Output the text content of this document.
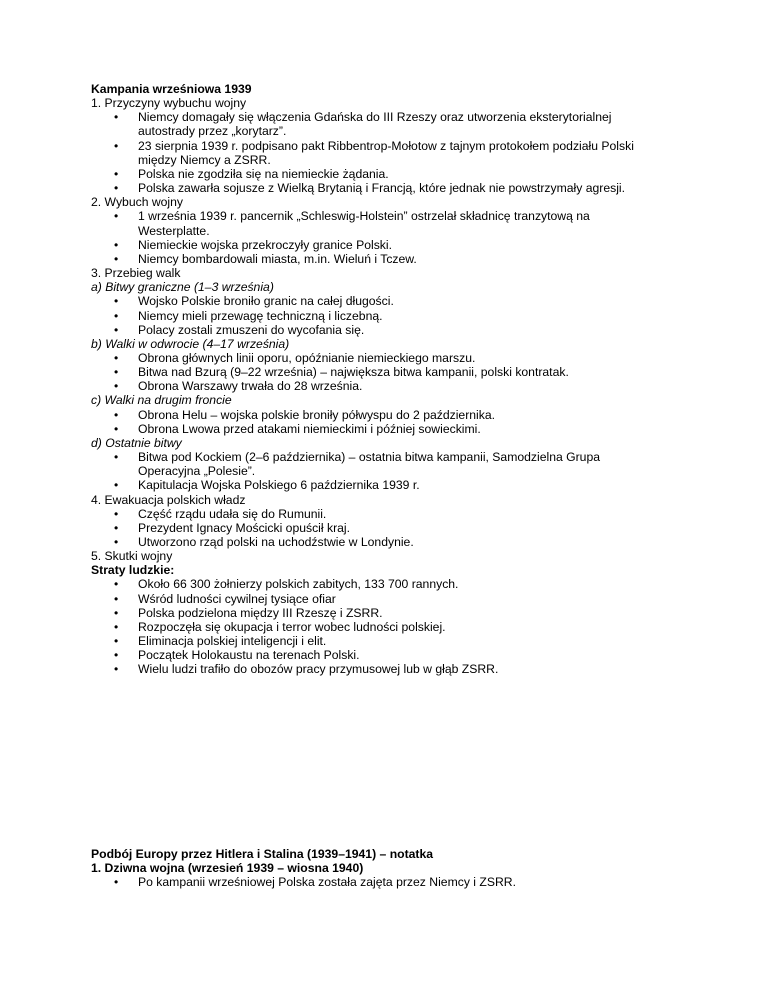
Kampania wrześniowa 1939
1. Przyczyny wybuchu wojny
• Niemcy domagały się włączenia Gdańska do III Rzeszy oraz utworzenia eksterytorialnej
autostrady przez „korytarz”.
• 23 sierpnia 1939 r. podpisano pakt Ribbentrop-Mołotow z tajnym protokołem podziału Polski
między Niemcy a ZSRR.
• Polska nie zgodziła się na niemieckie żądania.
• Polska zawarła sojusze z Wielką Brytanią i Francją, które jednak nie powstrzymały agresji.
2. Wybuch wojny
• 1 września 1939 r. pancernik „Schleswig-Holstein” ostrzelał składnicę tranzytową na
Westerplatte.
• Niemieckie wojska przekroczyły granice Polski.
• Niemcy bombardowali miasta, m.in. Wieluń i Tczew.
3. Przebieg walk
a) Bitwy graniczne (1–3 września)
• Wojsko Polskie broniło granic na całej długości.
• Niemcy mieli przewagę techniczną i liczebną.
• Polacy zostali zmuszeni do wycofania się.
b) Walki w odwrocie (4–17 września)
• Obrona głównych linii oporu, opóźnianie niemieckiego marszu.
• Bitwa nad Bzurą (9–22 września) – największa bitwa kampanii, polski kontratak.
• Obrona Warszawy trwała do 28 września.
c) Walki na drugim froncie
• Obrona Helu – wojska polskie broniły półwyspu do 2 października.
• Obrona Lwowa przed atakami niemieckimi i później sowieckimi.
d) Ostatnie bitwy
• Bitwa pod Kockiem (2–6 października) – ostatnia bitwa kampanii, Samodzielna Grupa
Operacyjna „Polesie”.
• Kapitulacja Wojska Polskiego 6 października 1939 r.
4. Ewakuacja polskich władz
• Część rządu udała się do Rumunii.
• Prezydent Ignacy Mościcki opuścił kraj.
• Utworzono rząd polski na uchodźstwie w Londynie.
5. Skutki wojny
Straty ludzkie:
• Około 66 300 żołnierzy polskich zabitych, 133 700 rannych.
• Wśród ludności cywilnej tysiące ofiar
• Polska podzielona między III Rzeszę i ZSRR.
• Rozpoczęła się okupacja i terror wobec ludności polskiej.
• Eliminacja polskiej inteligencji i elit.
• Początek Holokaustu na terenach Polski.
• Wielu ludzi trafiło do obozów pracy przymusowej lub w głąb ZSRR.
Podbój Europy przez Hitlera i Stalina (1939–1941) – notatka
1. Dziwna wojna (wrzesień 1939 – wiosna 1940)
• Po kampanii wrześniowej Polska została zajęta przez Niemcy i ZSRR.
